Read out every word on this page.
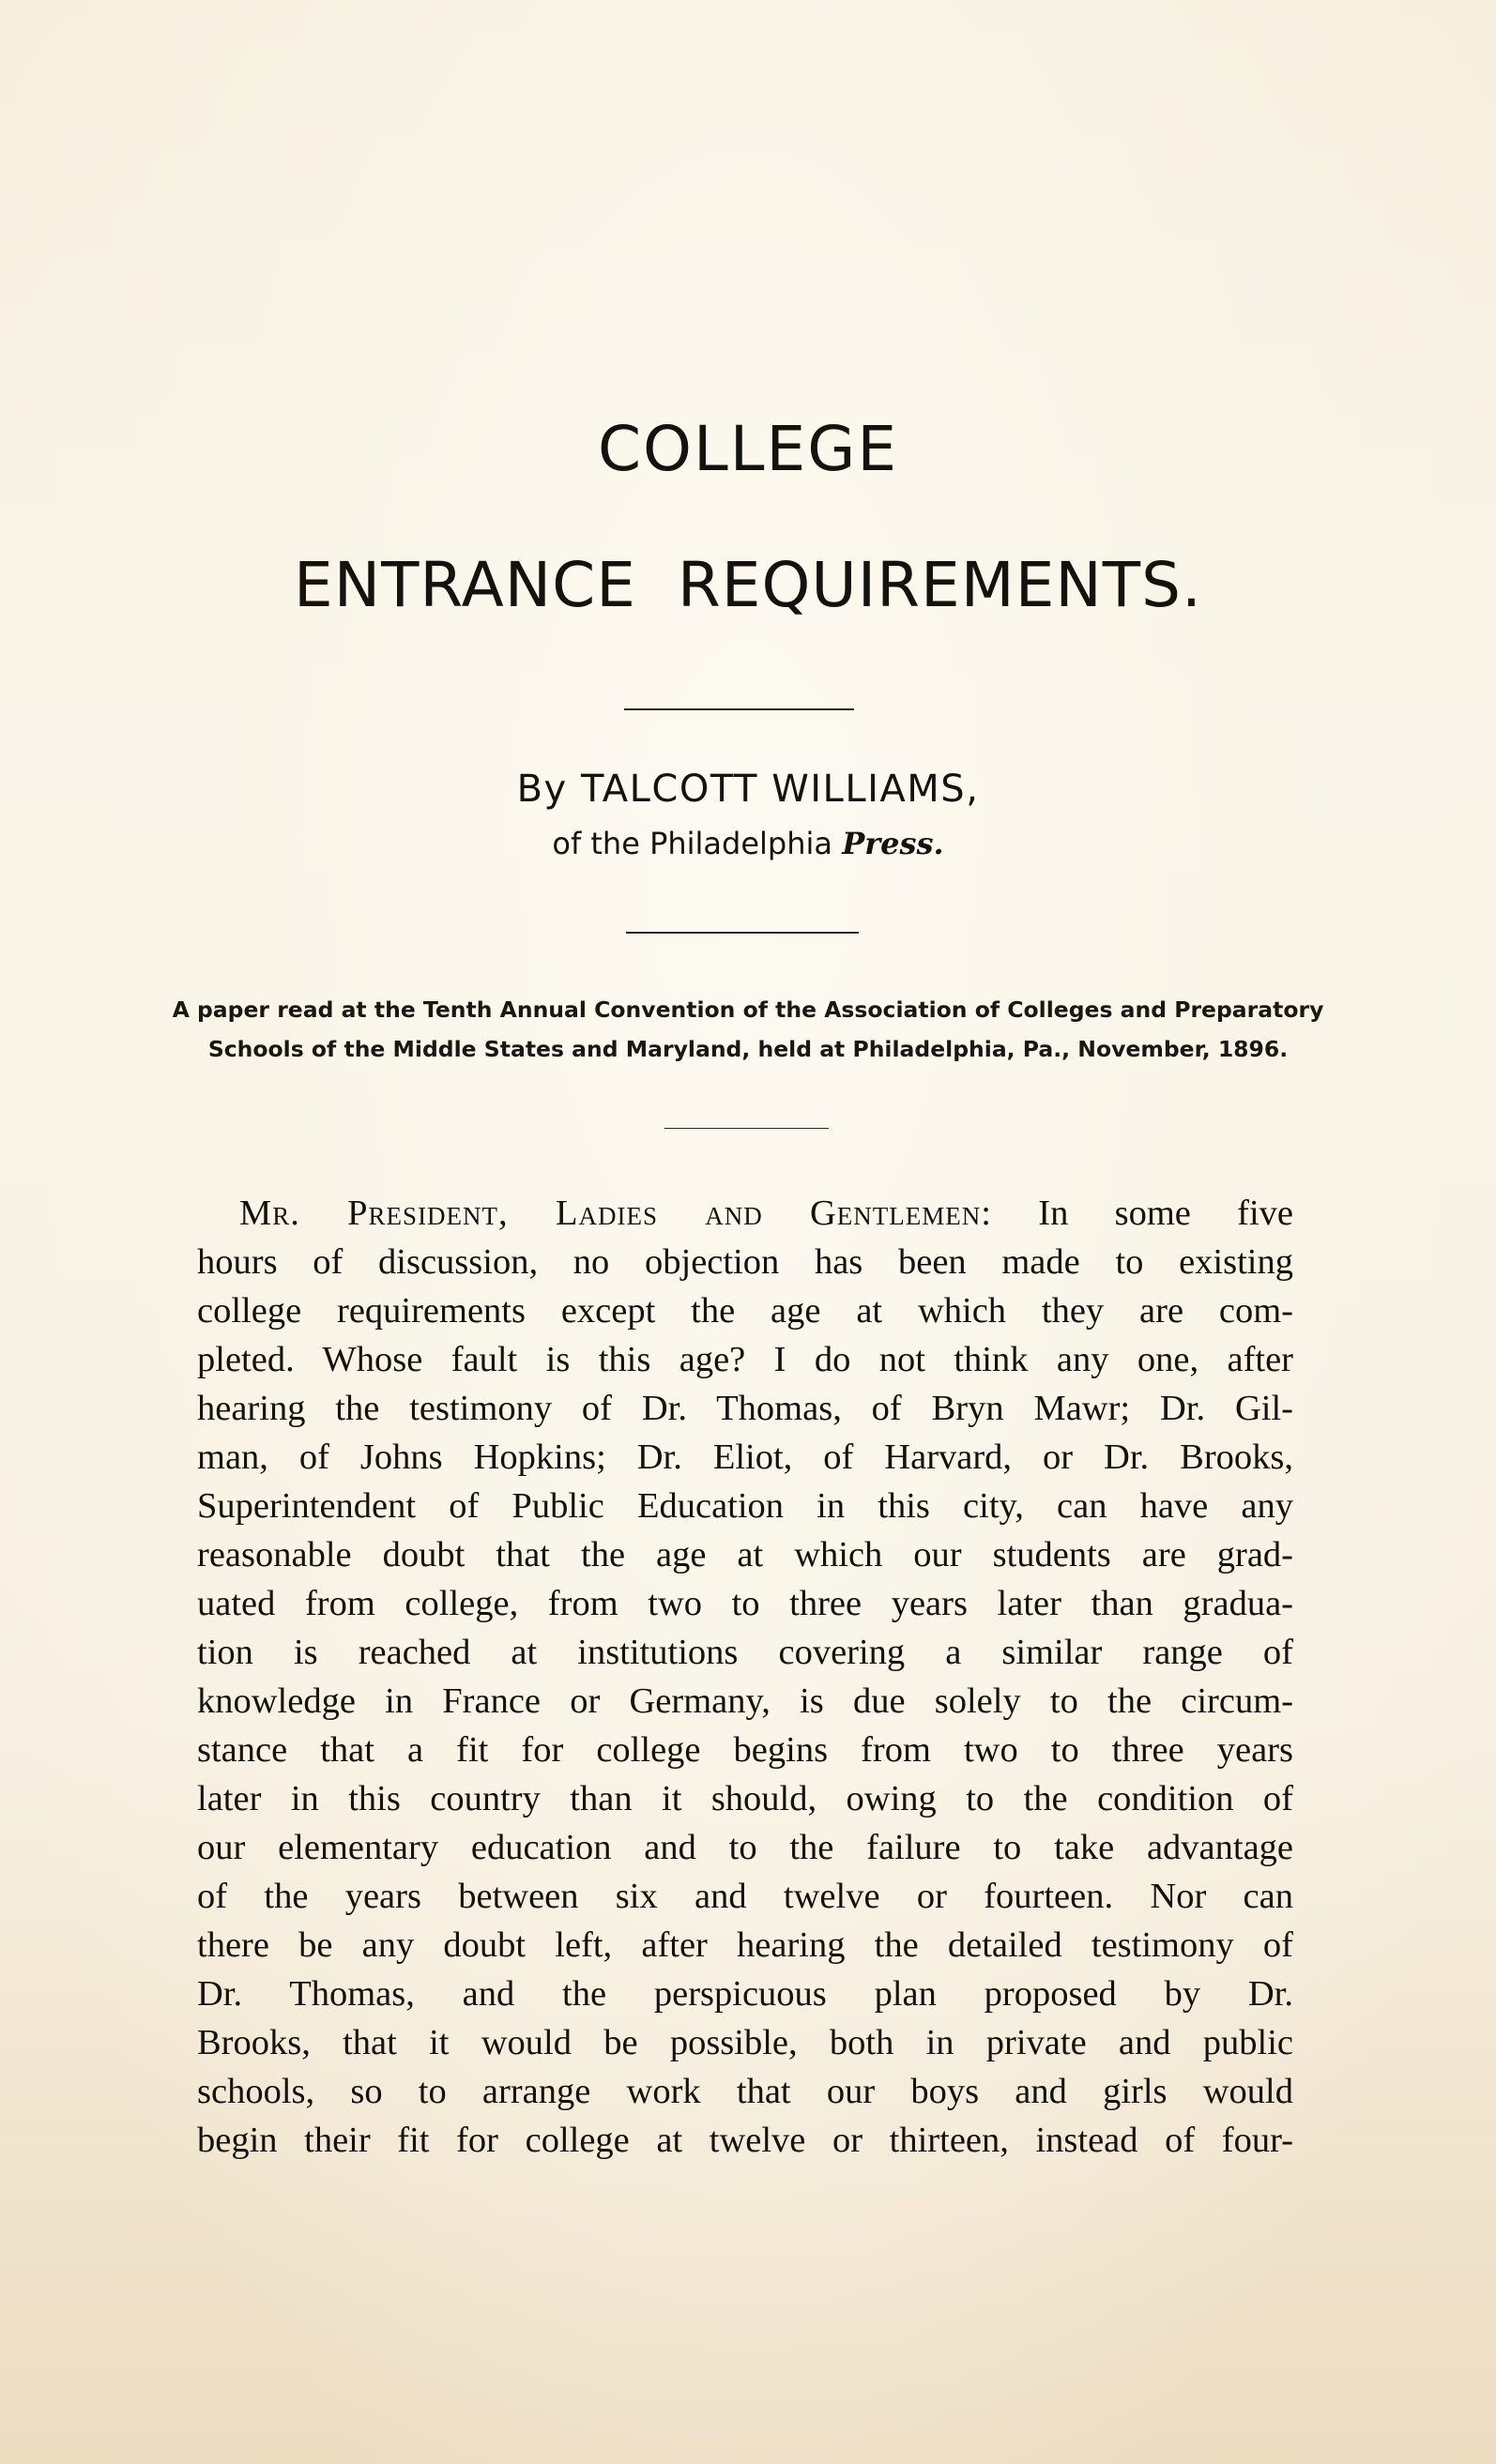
COLLEGE
ENTRANCE REQUIREMENTS.
By TALCOTT WILLIAMS,
of the Philadelphia Press.
A paper read at the Tenth Annual Convention of the Association of Colleges and Preparatory
Schools of the Middle States and Maryland, held at Philadelphia, Pa., November, 1896.
Mr. President, Ladies and Gentlemen: In some five
hours of discussion, no objection has been made to existing
college requirements except the age at which they are com-
pleted. Whose fault is this age? I do not think any one, after
hearing the testimony of Dr. Thomas, of Bryn Mawr; Dr. Gil-
man, of Johns Hopkins; Dr. Eliot, of Harvard, or Dr. Brooks,
Superintendent of Public Education in this city, can have any
reasonable doubt that the age at which our students are grad-
uated from college, from two to three years later than gradua-
tion is reached at institutions covering a similar range of
knowledge in France or Germany, is due solely to the circum-
stance that a fit for college begins from two to three years
later in this country than it should, owing to the condition of
our elementary education and to the failure to take advantage
of the years between six and twelve or fourteen. Nor can
there be any doubt left, after hearing the detailed testimony of
Dr. Thomas, and the perspicuous plan proposed by Dr.
Brooks, that it would be possible, both in private and public
schools, so to arrange work that our boys and girls would
begin their fit for college at twelve or thirteen, instead of four-
